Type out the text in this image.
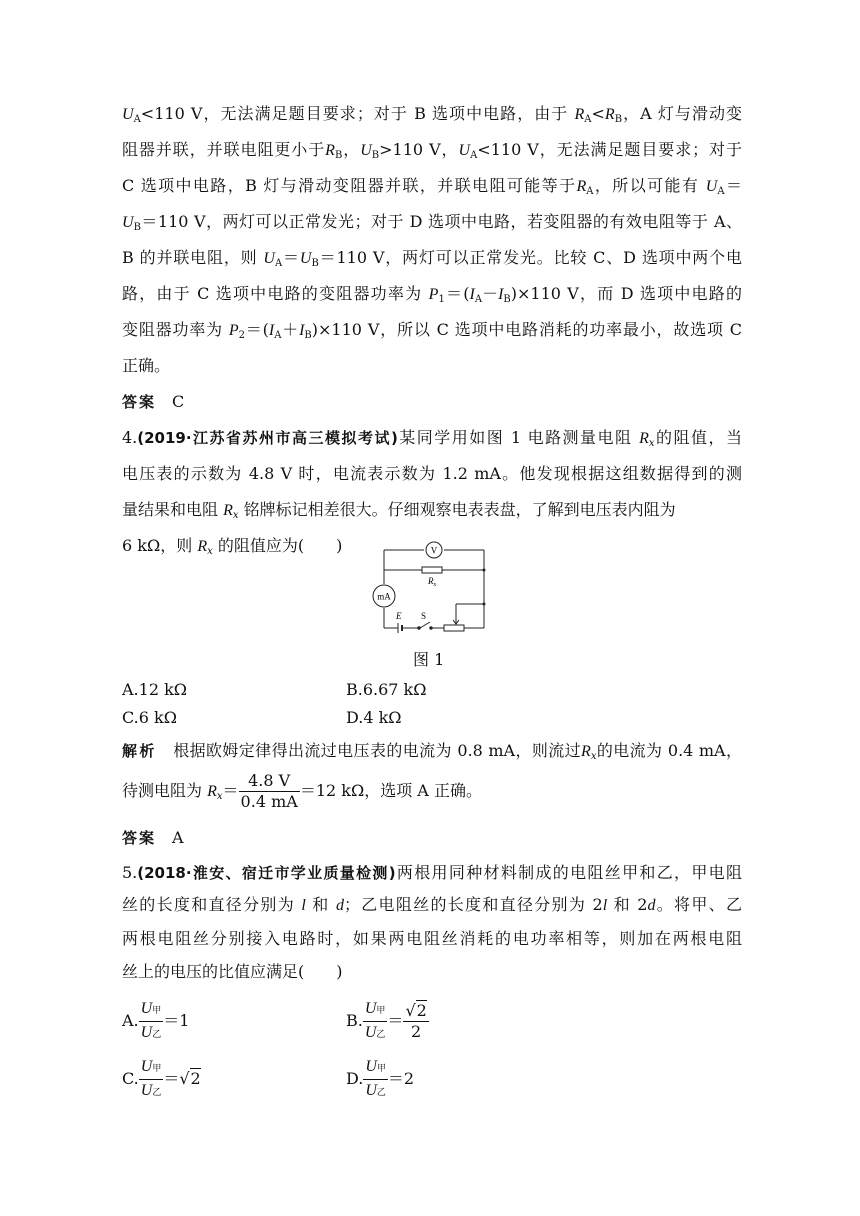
$U_A<110$ V，无法满足题目要求；对于 B 选项中电路，由于 $R_A<R_B$，A 灯与滑动变
阻器并联，并联电阻更小于$R_B$，$U_B>110$ V，$U_A<110$ V，无法满足题目要求；对于
C 选项中电路，B 灯与滑动变阻器并联，并联电阻可能等于$R_A$，所以可能有 $U_A=$
$U_B=110$ V，两灯可以正常发光；对于 D 选项中电路，若变阻器的有效电阻等于 A、
B 的并联电阻，则 $U_A=U_B=110$ V，两灯可以正常发光。比较 C、D 选项中两个电
路，由于 C 选项中电路的变阻器功率为 $P_1=(I_A-I_B)\times 110$ V，而 D 选项中电路的
变阻器功率为 $P_2=(I_A+I_B)\times 110$ V，所以 C 选项中电路消耗的功率最小，故选项 C
正确。
答案　 C
4.(2019·江苏省苏州市高三模拟考试)某同学用如图 1 电路测量电阻 $R_x$的阻值，当
电压表的示数为 4.8 V 时，电流表示数为 1.2 mA。他发现根据这组数据得到的测
量结果和电阻 $R_x$ 铭牌标记相差很大。仔细观察电表表盘，了解到电压表内阻为
6 kΩ，则 $R_x$ 的阻值应为(　　)	V
mA
$R_x$
E S
图 1
A.12 kΩ	B.6.67 kΩ
C.6 kΩ	D.4 kΩ
解析　 根据欧姆定律得出流过电压表的电流为 0.8 mA，则流过$R_x$的电流为 0.4 mA，
待测电阻为 $R_x= \frac{4.8 V}{0.4 mA} =12$ kΩ，选项 A 正确。
答案　 A
5.(2018·淮安、宿迁市学业质量检测)两根用同种材料制成的电阻丝甲和乙，甲电阻
丝的长度和直径分别为 l 和 d；乙电阻丝的长度和直径分别为 2l 和 2d。将甲、乙
两根电阻丝分别接入电路时，如果两电阻丝消耗的电功率相等，则加在两根电阻
丝上的电压的比值应满足(　　)
A. $\frac{\text{U甲}}{\text{U乙}} =1$	B. $\frac{\text{U甲}}{\text{U乙}} = \frac{√2}{2}$
C. $\frac{\text{U甲}}{\text{U乙}} =√2$	D. $\frac{\text{U甲}}{\text{U乙}} =2$
